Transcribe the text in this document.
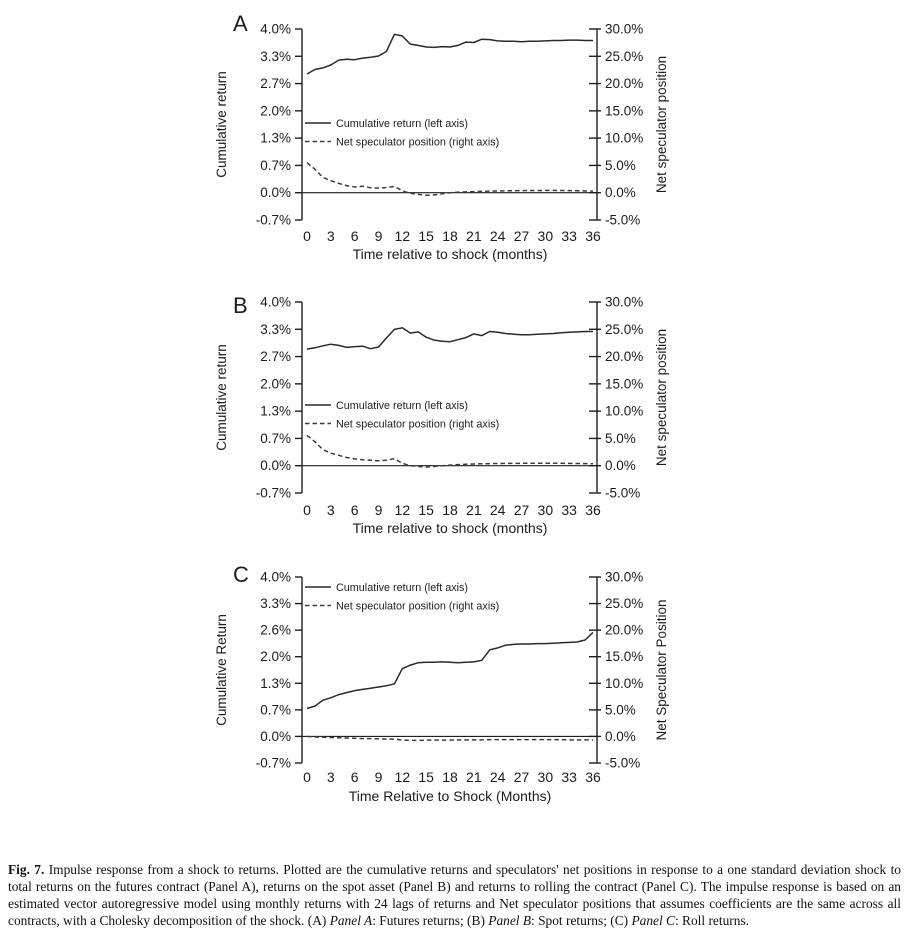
4.0%	30.0%
3.3%	25.0%
2.7%	20.0%
2.0%	15.0%
1.3%	10.0%
0.7%	5.0%
0.0%	0.0%
-0.7%	-5.0%
0 3 6 9 12 15 18 21 24 27 30 33 36
Time relative to shock (months)
Cumulative return	Net speculator position
A
Cumulative return (left axis)
Net speculator position (right axis)
4.0%	30.0%
3.3%	25.0%
2.7%	20.0%
2.0%	15.0%
1.3%	10.0%
0.7%	5.0%
0.0%	0.0%
-0.7%	-5.0%
0 3 6 9 12 15 18 21 24 27 30 33 36
Time relative to shock (months)
Cumulative return	Net speculator position
B
Cumulative return (left axis)
Net speculator position (right axis)
4.0%	30.0%
3.3%	25.0%
2.6%	20.0%
2.0%	15.0%
1.3%	10.0%
0.7%	5.0%
0.0%	0.0%
-0.7%	-5.0%
0 3 6 9 12 15 18 21 24 27 30 33 36
Time Relative to Shock (Months)
Cumulative Return	Net Speculator Position
C
Cumulative return (left axis)
Net speculator position (right axis)

Fig. 7. Impulse response from a shock to returns. Plotted are the cumulative returns and speculators' net positions in response to a one standard deviation shock to total returns on the futures contract (Panel A), returns on the spot asset (Panel B) and returns to rolling the contract (Panel C). The impulse response is based on an estimated vector autoregressive model using monthly returns with 24 lags of returns and Net speculator positions that assumes coefficients are the same across all contracts, with a Cholesky decomposition of the shock. (A) Panel A: Futures returns; (B) Panel B: Spot returns; (C) Panel C: Roll returns.
